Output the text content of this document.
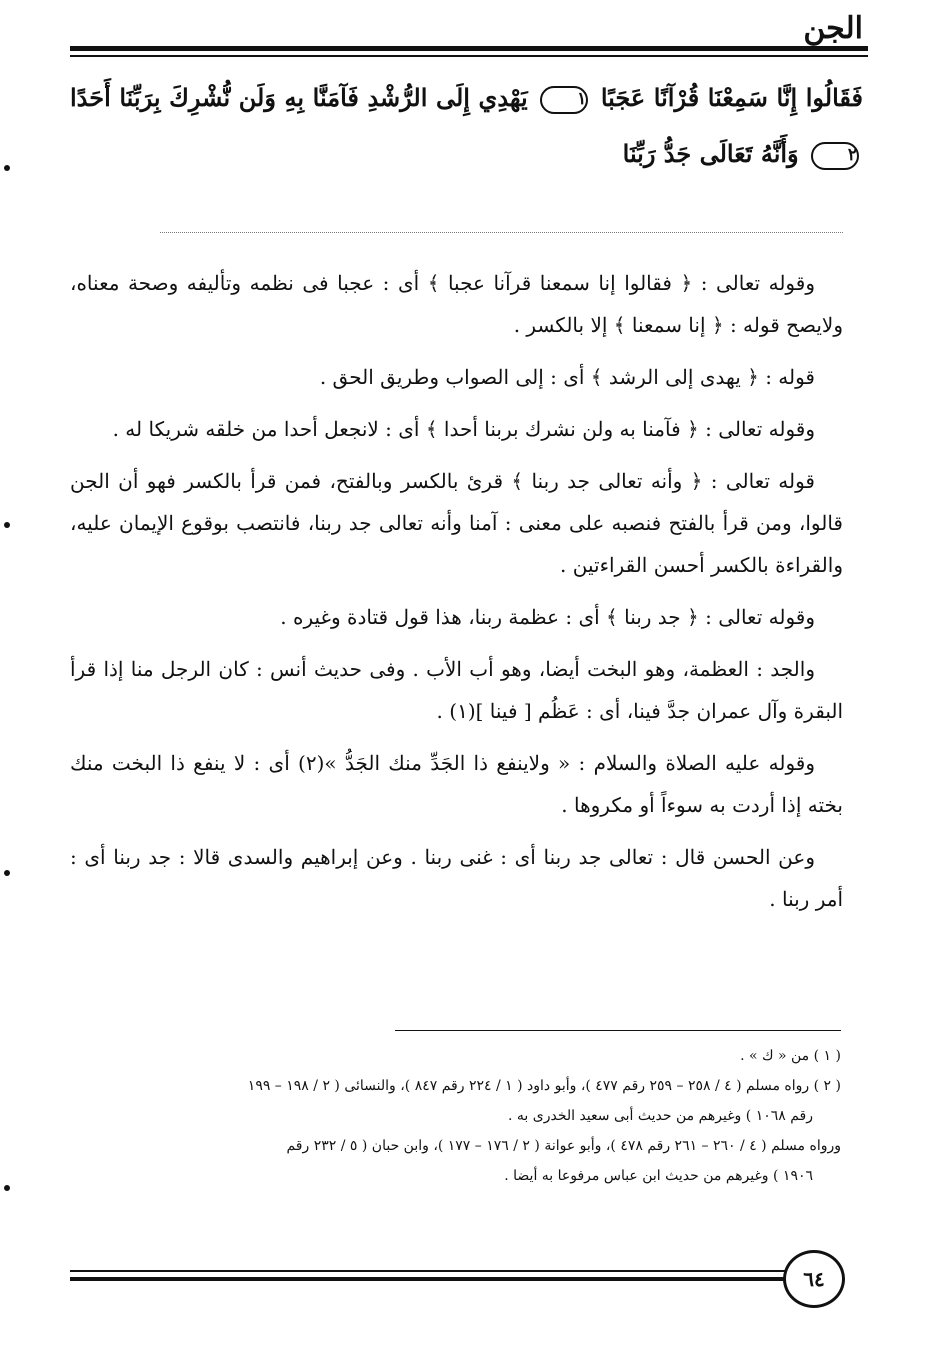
الجن
فَقَالُوا إِنَّا سَمِعْنَا قُرْآنًا عَجَبًا ١ يَهْدِي إِلَى الرُّشْدِ فَآمَنَّا بِهِ وَلَن نُّشْرِكَ بِرَبِّنَا أَحَدًا ٢ وَأَنَّهُ تَعَالَى جَدُّ رَبِّنَا

وقوله تعالى : ﴿ فقالوا إنا سمعنا قرآنا عجبا ﴾ أى : عجبا فى نظمه وتأليفه وصحة معناه، ولايصح قوله : ﴿ إنا سمعنا ﴾ إلا بالكسر .

قوله : ﴿ يهدى إلى الرشد ﴾ أى : إلى الصواب وطريق الحق .

وقوله تعالى : ﴿ فآمنا به ولن نشرك بربنا أحدا ﴾ أى : لانجعل أحدا من خلقه شريكا له .

قوله تعالى : ﴿ وأنه تعالى جد ربنا ﴾ قرئ بالكسر وبالفتح، فمن قرأ بالكسر فهو أن الجن قالوا، ومن قرأ بالفتح فنصبه على معنى : آمنا وأنه تعالى جد ربنا، فانتصب بوقوع الإيمان عليه، والقراءة بالكسر أحسن القراءتين .

وقوله تعالى : ﴿ جد ربنا ﴾ أى : عظمة ربنا، هذا قول قتادة وغيره .

والجد : العظمة، وهو البخت أيضا، وهو أب الأب . وفى حديث أنس : كان الرجل منا إذا قرأ البقرة وآل عمران جدَّ فينا، أى : عَظُم [ فينا ](١) .

وقوله عليه الصلاة والسلام : « ولاينفع ذا الجَدِّ منك الجَدُّ »(٢) أى : لا ينفع ذا البخت منك بخته إذا أردت به سوءاً أو مكروها .

وعن الحسن قال : تعالى جد ربنا أى : غنى ربنا . وعن إبراهيم والسدى قالا : جد ربنا أى : أمر ربنا .

( ١ ) من « ك » .
( ٢ ) رواه مسلم ( ٤ / ٢٥٨ – ٢٥٩ رقم ٤٧٧ )، وأبو داود ( ١ / ٢٢٤ رقم ٨٤٧ )، والنسائى ( ٢ / ١٩٨ – ١٩٩
رقم ١٠٦٨ ) وغيرهم من حديث أبى سعيد الخدرى به .
ورواه مسلم ( ٤ / ٢٦٠ – ٢٦١ رقم ٤٧٨ )، وأبو عوانة ( ٢ / ١٧٦ – ١٧٧ )، وابن حبان ( ٥ / ٢٣٢ رقم
١٩٠٦ ) وغيرهم من حديث ابن عباس مرفوعا به أيضا .
٦٤
